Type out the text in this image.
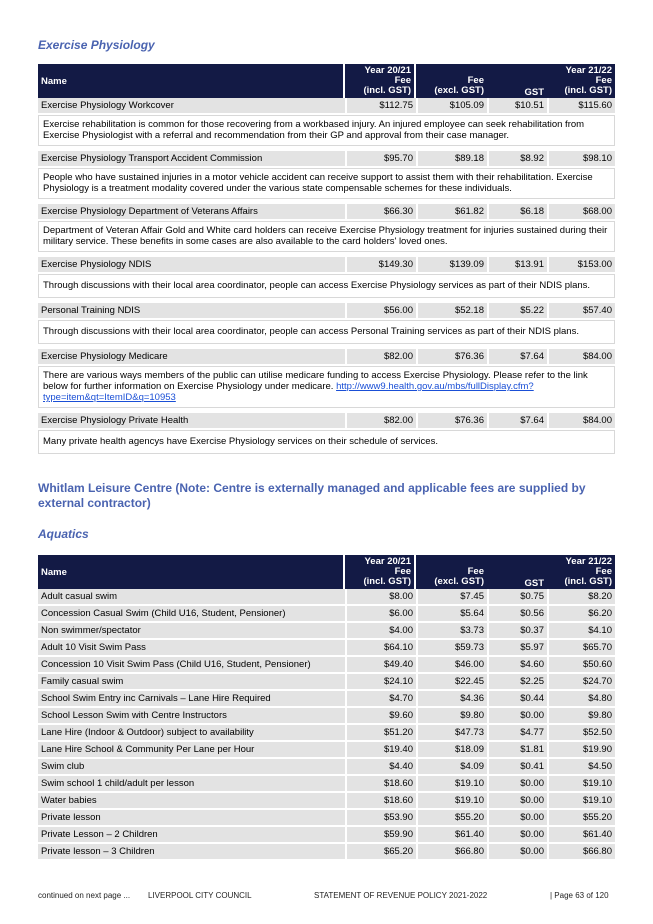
Exercise Physiology
Name	Year 20/21	Year 21/22		
	Fee	Fee	GST	Fee
	(incl. GST)	(excl. GST)		(incl. GST)
Exercise Physiology Workcover	$112.75	$105.09	$10.51	$115.60
Exercise rehabilitation is common for those recovering from a workbased injury. An injured employee can seek rehabilitation from Exercise Physiologist with a referral and recommendation from their GP and approval from their case manager.				

Exercise Physiology Transport Accident Commission	$95.70	$89.18	$8.92	$98.10
People who have sustained injuries in a motor vehicle accident can receive support to assist them with their rehabilitation. Exercise Physiology is a treatment modality covered under the various state compensable schemes for these individuals.				

Exercise Physiology Department of Veterans Affairs	$66.30	$61.82	$6.18	$68.00
Department of Veteran Affair Gold and White card holders can receive Exercise Physiology treatment for injuries sustained during their military service. These benefits in some cases are also available to the card holders' loved ones.				

Exercise Physiology NDIS	$149.30	$139.09	$13.91	$153.00
Through discussions with their local area coordinator, people can access Exercise Physiology services as part of their NDIS plans.				

Personal Training NDIS	$56.00	$52.18	$5.22	$57.40
Through discussions with their local area coordinator, people can access Personal Training services as part of their NDIS plans.				

Exercise Physiology Medicare	$82.00	$76.36	$7.64	$84.00
There are various ways members of the public can utilise medicare funding to access Exercise Physiology. Please refer to the link below for further information on Exercise Physiology under medicare. http://www9.health.gov.au/mbs/fullDisplay.cfm?type=item&qt=ItemID&q=10953				

Exercise Physiology Private Health	$82.00	$76.36	$7.64	$84.00
Many private health agencys have Exercise Physiology services on their schedule of services.				
Whitlam Leisure Centre (Note: Centre is externally managed and applicable fees are supplied by external contractor)
Aquatics
Name	Year 20/21	Year 21/22		
	Fee	Fee	GST	Fee
	(incl. GST)	(excl. GST)		(incl. GST)
Adult casual swim	$8.00	$7.45	$0.75	$8.20
Concession Casual Swim (Child U16, Student, Pensioner)	$6.00	$5.64	$0.56	$6.20
Non swimmer/spectator	$4.00	$3.73	$0.37	$4.10
Adult 10 Visit Swim Pass	$64.10	$59.73	$5.97	$65.70
Concession 10 Visit Swim Pass (Child U16, Student, Pensioner)	$49.40	$46.00	$4.60	$50.60
Family casual swim	$24.10	$22.45	$2.25	$24.70
School Swim Entry inc Carnivals – Lane Hire Required	$4.70	$4.36	$0.44	$4.80
School Lesson Swim with Centre Instructors	$9.60	$9.80	$0.00	$9.80
Lane Hire (Indoor & Outdoor) subject to availability	$51.20	$47.73	$4.77	$52.50
Lane Hire School & Community Per Lane per Hour	$19.40	$18.09	$1.81	$19.90
Swim club	$4.40	$4.09	$0.41	$4.50
Swim school 1 child/adult per lesson	$18.60	$19.10	$0.00	$19.10
Water babies	$18.60	$19.10	$0.00	$19.10
Private lesson	$53.90	$55.20	$0.00	$55.20
Private Lesson – 2 Children	$59.90	$61.40	$0.00	$61.40
Private lesson – 3 Children	$65.20	$66.80	$0.00	$66.80
continued on next page ... LIVERPOOL CITY COUNCIL	STATEMENT OF REVENUE POLICY 2021-2022	| Page 63 of 120
